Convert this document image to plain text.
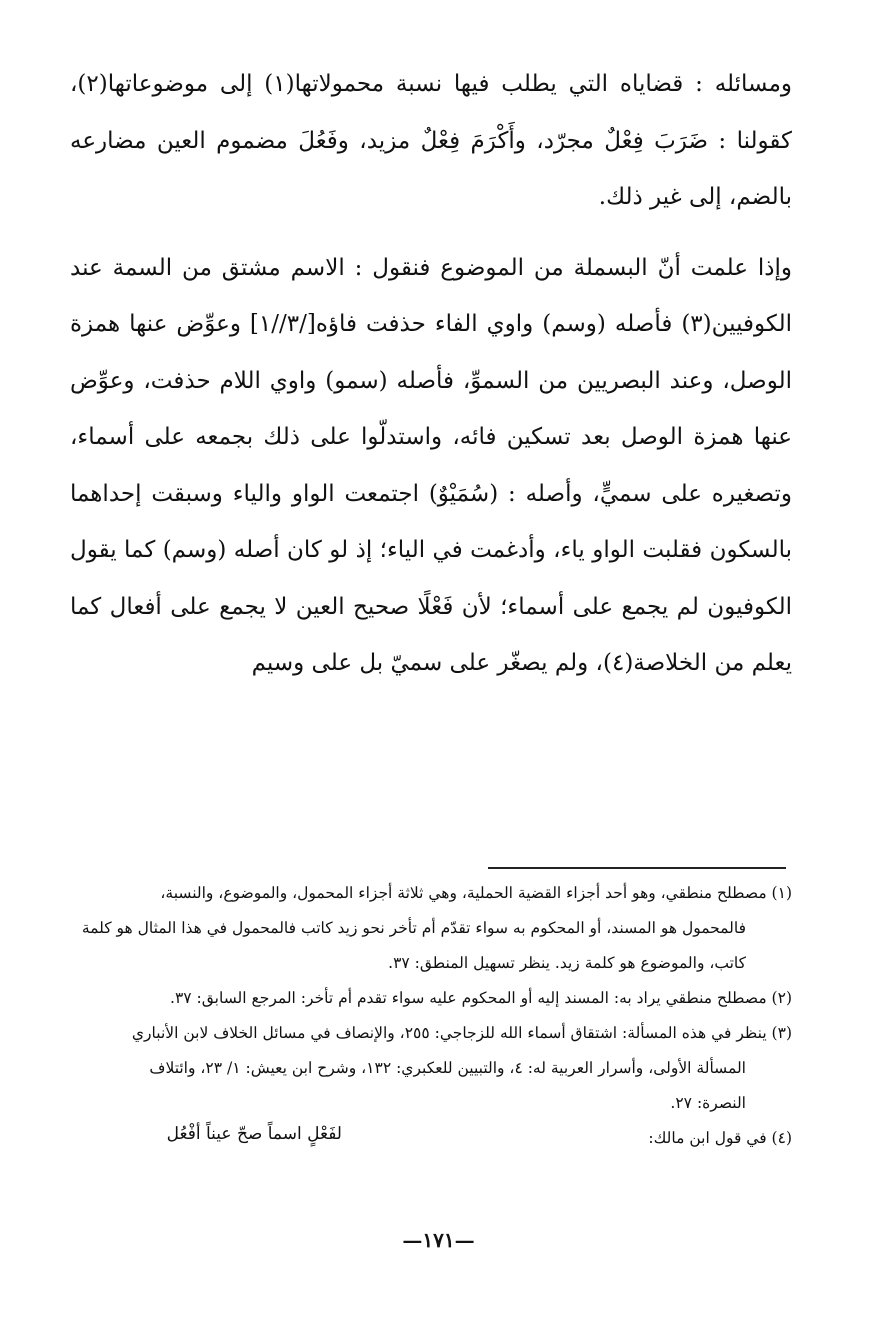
ومسائله : قضاياه التي يطلب فيها نسبة محمولاتها(١) إلى موضوعاتها(٢)، كقولنا : ضَرَبَ فِعْلٌ مجرّد، وأَكْرَمَ فِعْلٌ مزيد، وفَعُلَ مضموم العين مضارعه بالضم، إلى غير ذلك.

وإذا علمت أنّ البسملة من الموضوع فنقول : الاسم مشتق من السمة عند الكوفيين(٣) فأصله (وسم) واوي الفاء حذفت فاؤه[/٣//١] وعوِّض عنها همزة الوصل، وعند البصريين من السموِّ، فأصله (سمو) واوي اللام حذفت، وعوِّض عنها همزة الوصل بعد تسكين فائه، واستدلّوا على ذلك بجمعه على أسماء، وتصغيره على سميٍّ، وأصله : (سُمَيْوٌ) اجتمعت الواو والياء وسبقت إحداهما بالسكون فقلبت الواو ياء، وأدغمت في الياء؛ إذ لو كان أصله (وسم) كما يقول الكوفيون لم يجمع على أسماء؛ لأن فَعْلًا صحيح العين لا يجمع على أفعال كما يعلم من الخلاصة(٤)، ولم يصغّر على سميّ بل على وسيم

(١) مصطلح منطقي، وهو أحد أجزاء القضية الحملية، وهي ثلاثة أجزاء المحمول، والموضوع، والنسبة،
فالمحمول هو المسند، أو المحكوم به سواء تقدّم أم تأخر نحو زيد كاتب فالمحمول في هذا المثال هو كلمة
كاتب، والموضوع هو كلمة زيد. ينظر تسهيل المنطق: ٣٧.

(٢) مصطلح منطقي يراد به: المسند إليه أو المحكوم عليه سواء تقدم أم تأخر: المرجع السابق: ٣٧.

(٣) ينظر في هذه المسألة: اشتقاق أسماء الله للزجاجي: ٢٥٥، والإنصاف في مسائل الخلاف لابن الأنباري
المسألة الأولى، وأسرار العربية له: ٤، والتبيين للعكبري: ١٣٢، وشرح ابن يعيش: ١/ ٢٣، وائتلاف
النصرة: ٢٧.

(٤) في قول ابن مالك:
لفَعْلٍ اسماً صحّ عيناً أفْعُل

—١٧١—
